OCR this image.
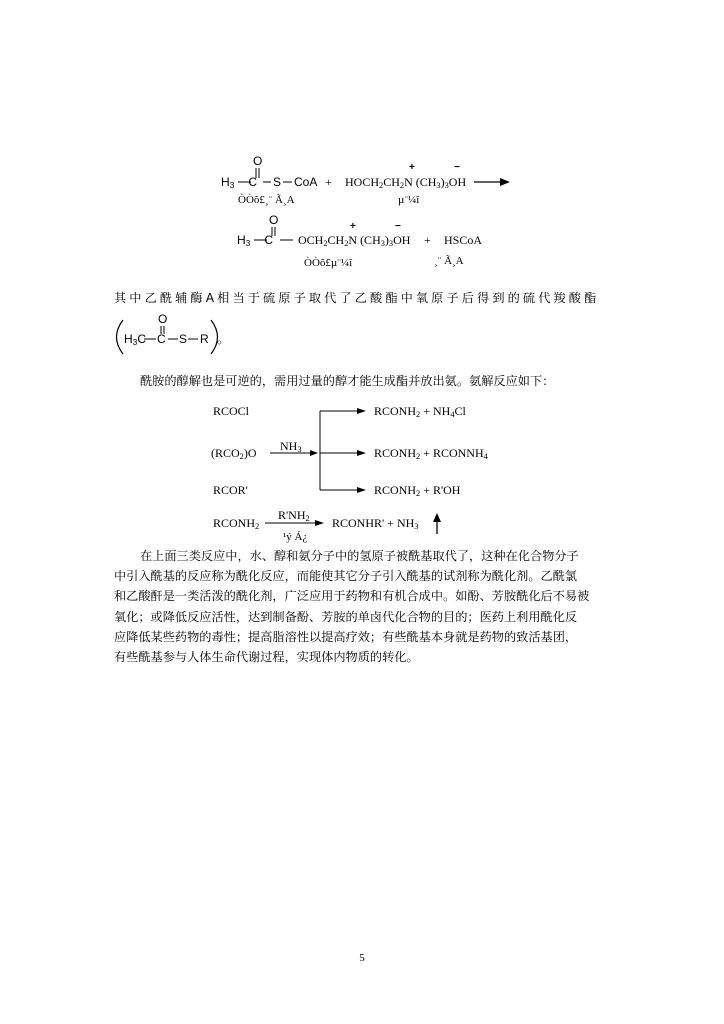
O
$H_3$ C S CoA + $HOCH_2CH_2N$ $(CH_3)_3OH$
+	−
ÒÒõ£¸¨ Ã¸A	µ¨¼î
O
$H_3$ C $OCH_2CH_2N$ $(CH_3)_3OH$
+	−
+ HSCoA
ÒÒõ£µ¨¼î	¸¨ Ã¸A
其中乙酰辅酶A相当于硫原子取代了乙酸酯中氧原子后得到的硫代羧酸酯
O
$H_3C$ C S R 。
酰胺的醇解也是可逆的，需用过量的醇才能生成酯并放出氨。氨解反应如下：
RCOCl
$(RCO_2)O$
RCOR'
$NH_3$
$RCONH_2 + NH_4Cl$
$RCONH_2$ + $RCONNH_4$
$RCONH_2 + R'OH$
$RCONH_2$
$R'NH_2$
¹ý Á¿
RCONHR' + $NH_3$
在上面三类反应中，水、醇和氨分子中的氢原子被酰基取代了，这种在化合物分子
中引入酰基的反应称为酰化反应，而能使其它分子引入酰基的试剂称为酰化剂。乙酰氯
和乙酸酐是一类活泼的酰化剂，广泛应用于药物和有机合成中。如酚、芳胺酰化后不易被
氧化；或降低反应活性，达到制备酚、芳胺的单卤代化合物的目的；医药上利用酰化反
应降低某些药物的毒性；提高脂溶性以提高疗效；有些酰基本身就是药物的致活基团，
有些酰基参与人体生命代谢过程，实现体内物质的转化。
5
